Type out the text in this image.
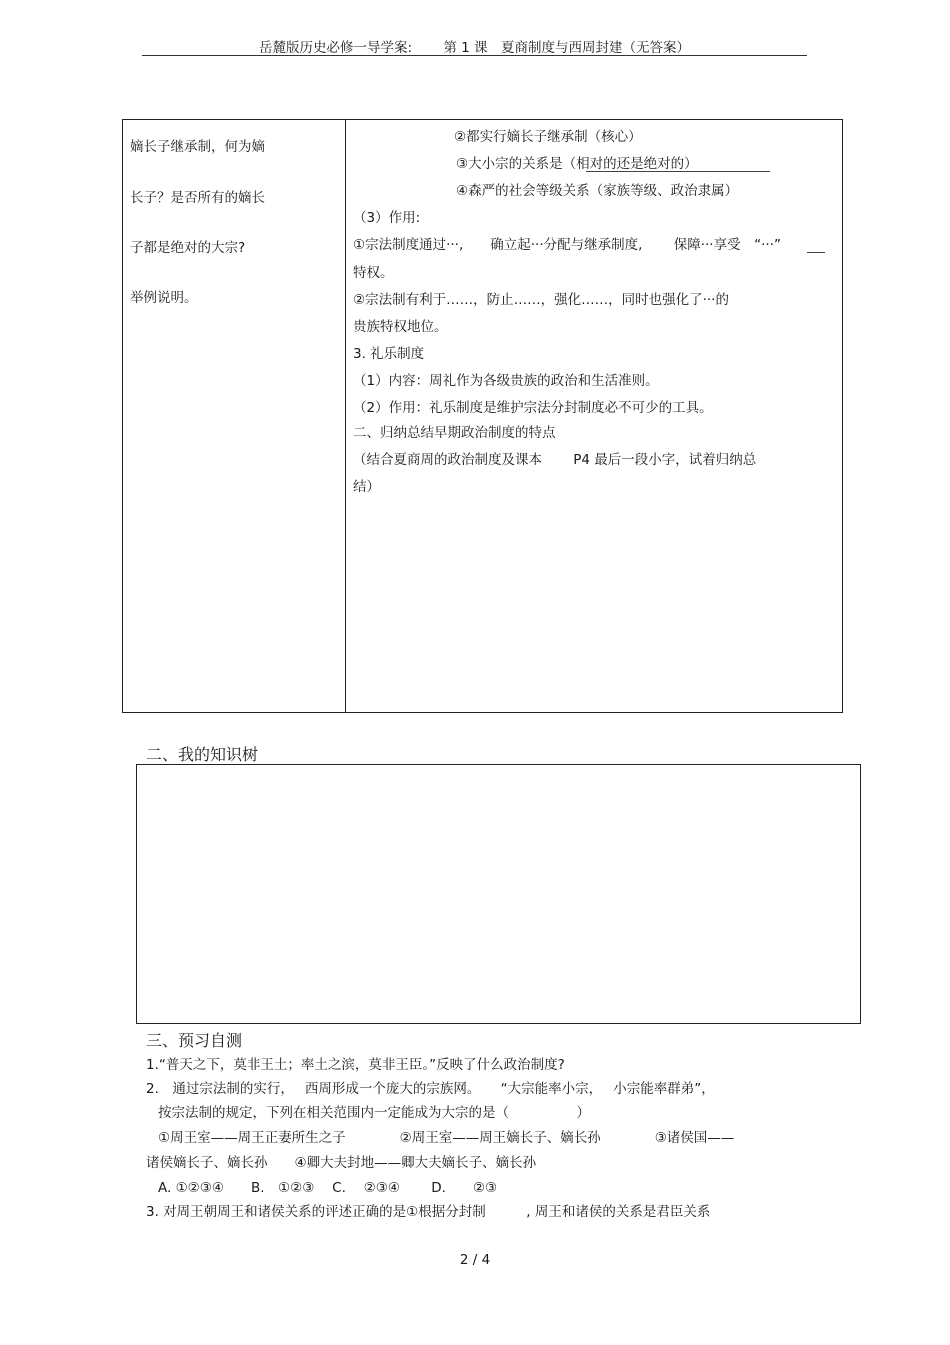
岳麓版历史必修一导学案:　　 第 1 课　夏商制度与西周封建（无答案）
嫡长子继承制，何为嫡
长子？是否所有的嫡长
子都是绝对的大宗?
举例说明。
②都实行嫡长子继承制（核心）
③大小宗的关系是（相对的还是绝对的）
④森严的社会等级关系（家族等级、政治隶属）
（3）作用:
①宗法制度通过···,　　确立起···分配与继承制度,　　 保障···享受　“···”
特权。
②宗法制有利于……，防止……，强化……，同时也强化了···的
贵族特权地位。
3. 礼乐制度
（1）内容：周礼作为各级贵族的政治和生活准则。
（2）作用：礼乐制度是维护宗法分封制度必不可少的工具。
二、归纳总结早期政治制度的特点
（结合夏商周的政治制度及课本　　 P4 最后一段小字，试着归纳总
结）
二、我的知识树
三、预习自测
1.“普天之下，莫非王土；率土之滨，莫非王臣。”反映了什么政治制度?
2.　通过宗法制的实行，　 西周形成一个庞大的宗族网。　　“大宗能率小宗，　 小宗能率群弟”，
按宗法制的规定，下列在相关范围内一定能成为大宗的是（　　　　　）
①周王室——周王正妻所生之子　　　　②周王室——周王嫡长子、嫡长孙　　　　③诸侯国——
诸侯嫡长子、嫡长孙　　④卿大夫封地——卿大夫嫡长子、嫡长孙
A. ①②③④　　B.　①②③　 C.　 ②③④　　 D.　　②③
3. 对周王朝周王和诸侯关系的评述正确的是①根据分封制　　　, 周王和诸侯的关系是君臣关系
2 / 4
